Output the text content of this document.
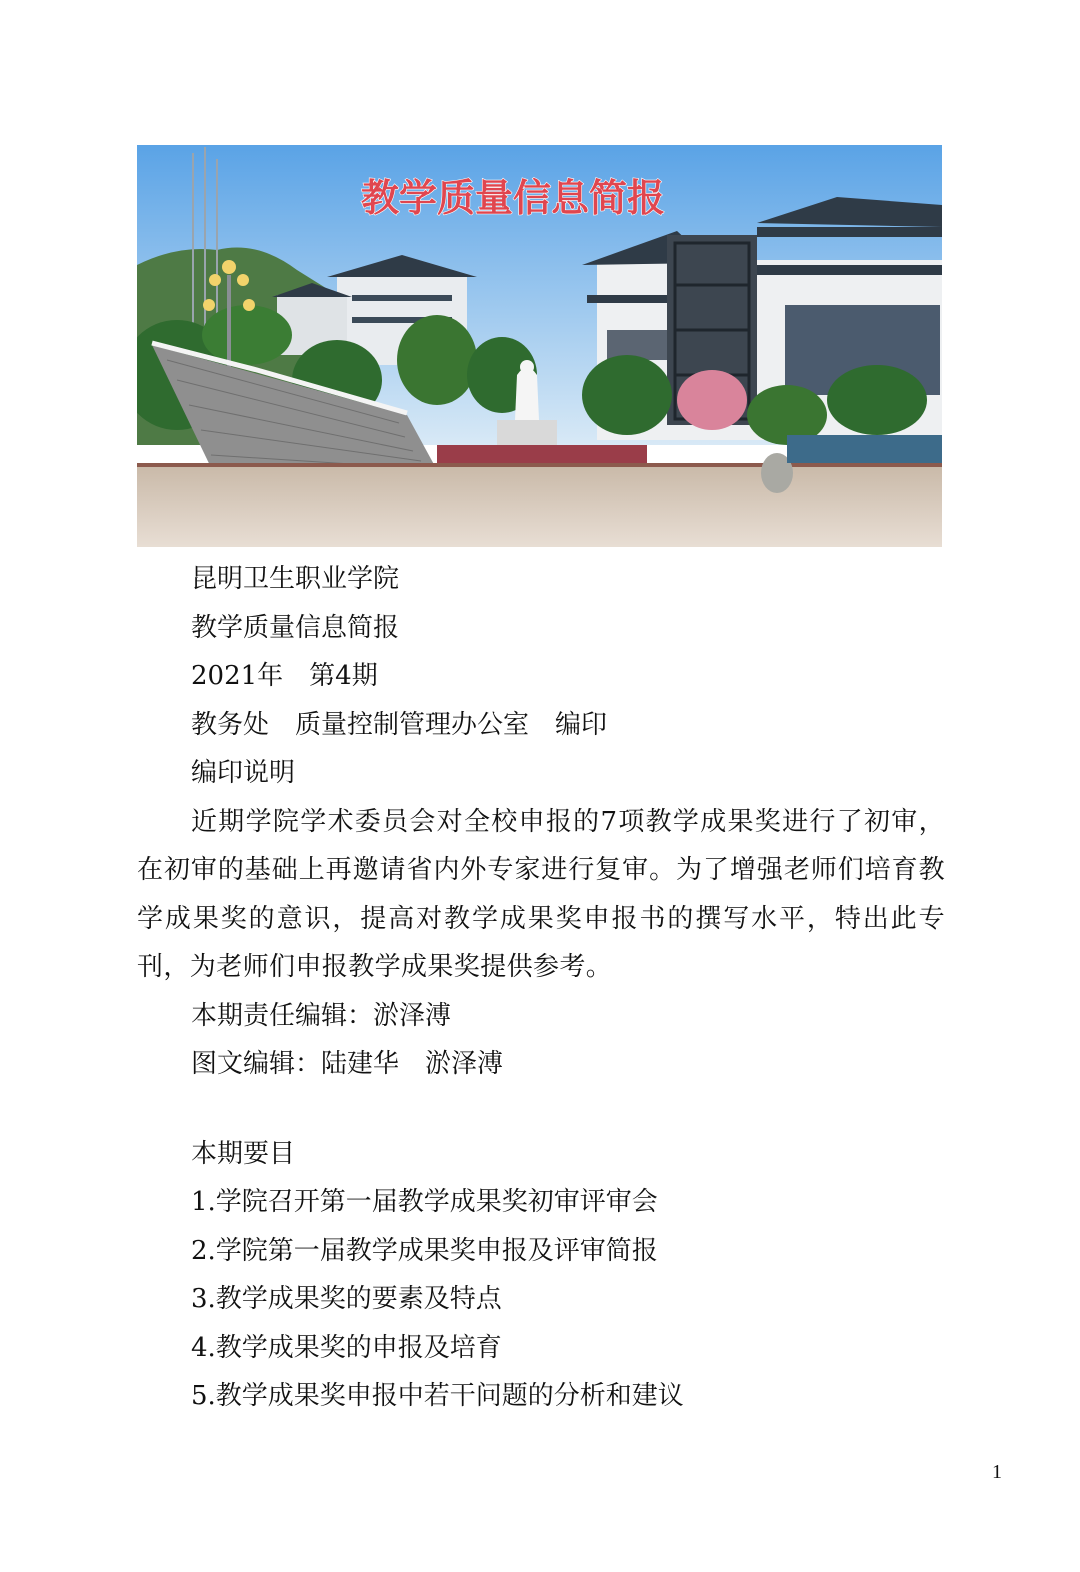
教学质量信息简报
昆明卫生职业学院
教学质量信息简报
2021年　第4期
教务处　质量控制管理办公室　编印
编印说明

近期学院学术委员会对全校申报的7项教学成果奖进行了初审，在初审的基础上再邀请省内外专家进行复审。为了增强老师们培育教学成果奖的意识，提高对教学成果奖申报书的撰写水平，特出此专刊，为老师们申报教学成果奖提供参考。

本期责任编辑：淤泽溥
图文编辑：陆建华　淤泽溥
本期要目
1.学院召开第一届教学成果奖初审评审会
2.学院第一届教学成果奖申报及评审简报
3.教学成果奖的要素及特点
4.教学成果奖的申报及培育
5.教学成果奖申报中若干问题的分析和建议
1
